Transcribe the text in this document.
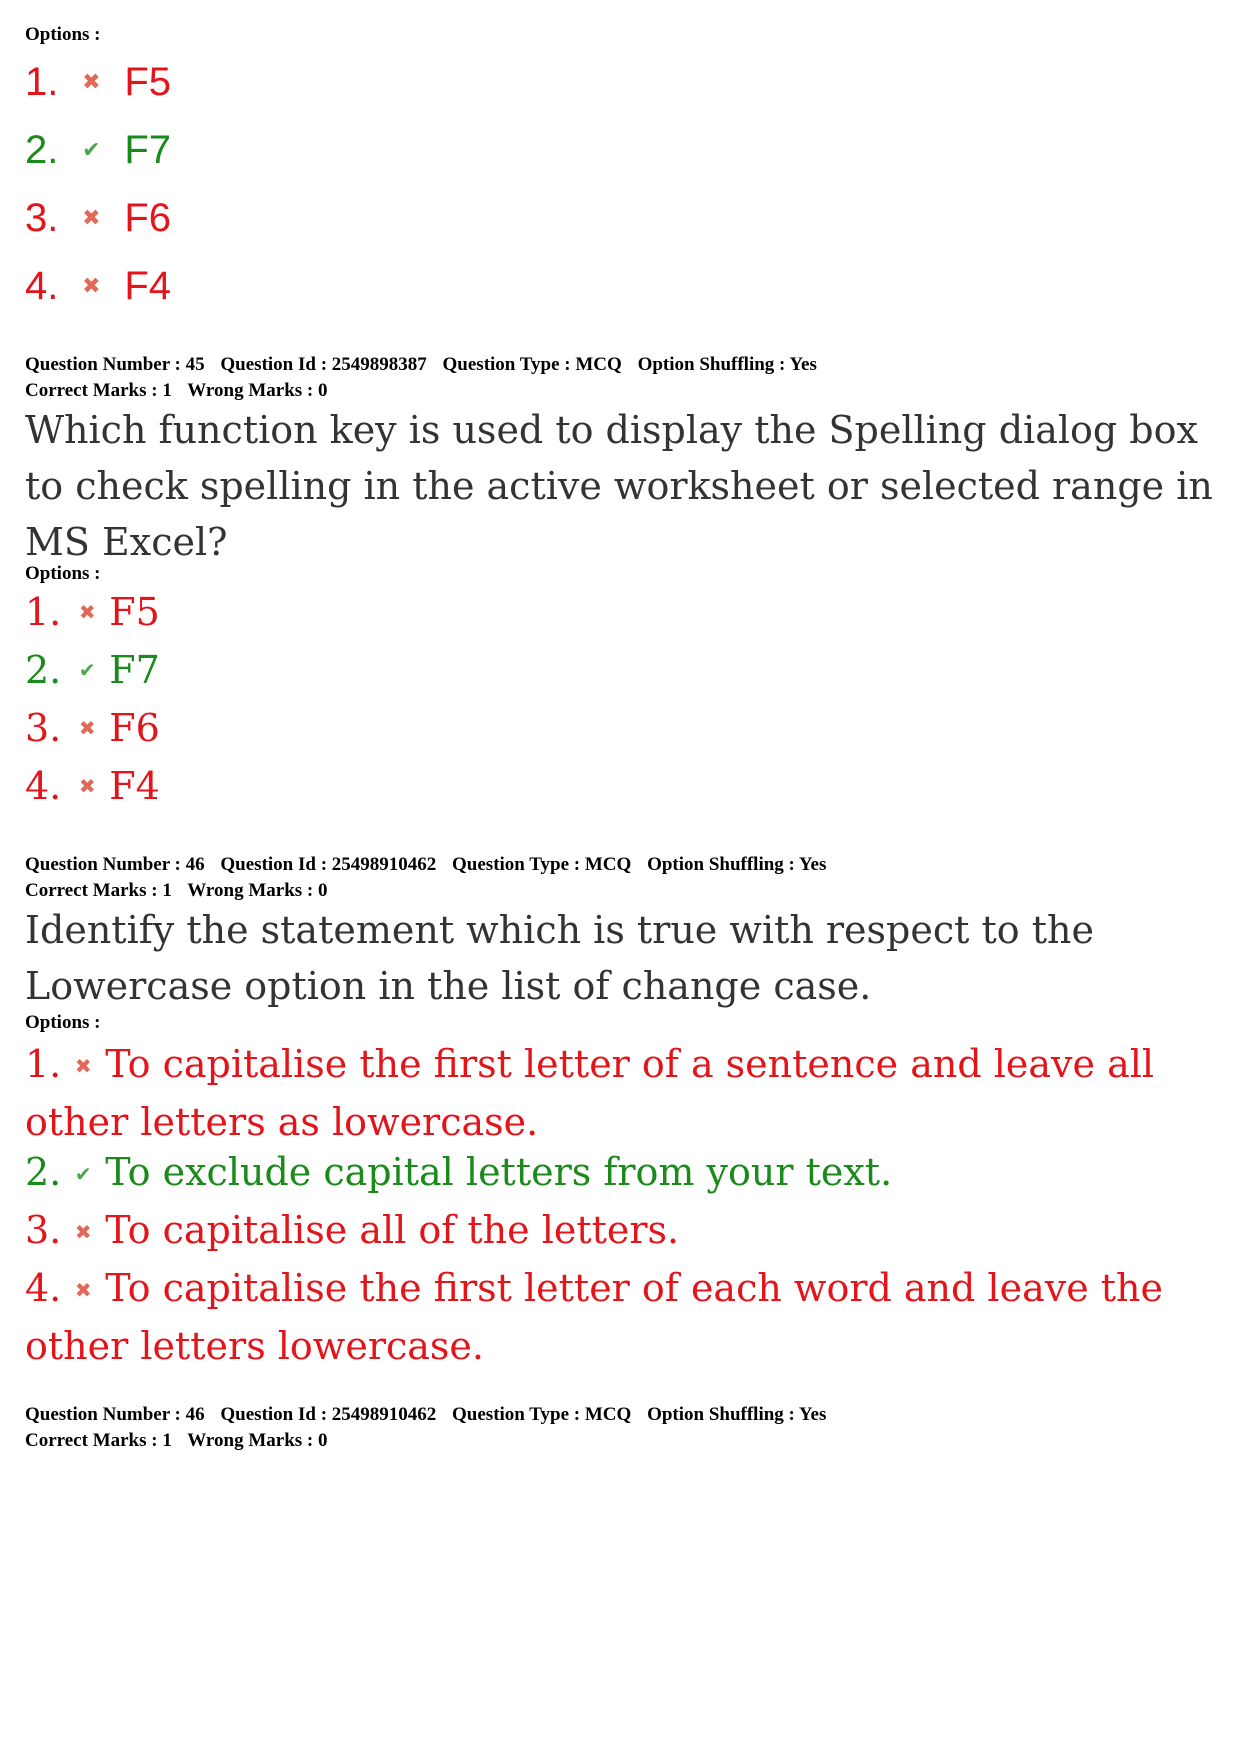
Options :
1.	✖ F5
2.	✔ F7
3.	✖ F6
4.	✖ F4
Question Number : 45 Question Id : 2549898387 Question Type : MCQ Option Shuffling : Yes
Correct Marks : 1 Wrong Marks : 0
Which function key is used to display the Spelling dialog box to check spelling in the active worksheet or selected range in MS Excel?
Options :
1. ✖ F5
2. ✔ F7
3. ✖ F6
4. ✖ F4
Question Number : 46 Question Id : 25498910462 Question Type : MCQ Option Shuffling : Yes
Correct Marks : 1 Wrong Marks : 0
Identify the statement which is true with respect to the Lowercase option in the list of change case.
Options :
1. ✖ To capitalise the first letter of a sentence and leave all other letters as lowercase.
2. ✔ To exclude capital letters from your text.
3. ✖ To capitalise all of the letters.
4. ✖ To capitalise the first letter of each word and leave the other letters lowercase.
Question Number : 46 Question Id : 25498910462 Question Type : MCQ Option Shuffling : Yes
Correct Marks : 1 Wrong Marks : 0
